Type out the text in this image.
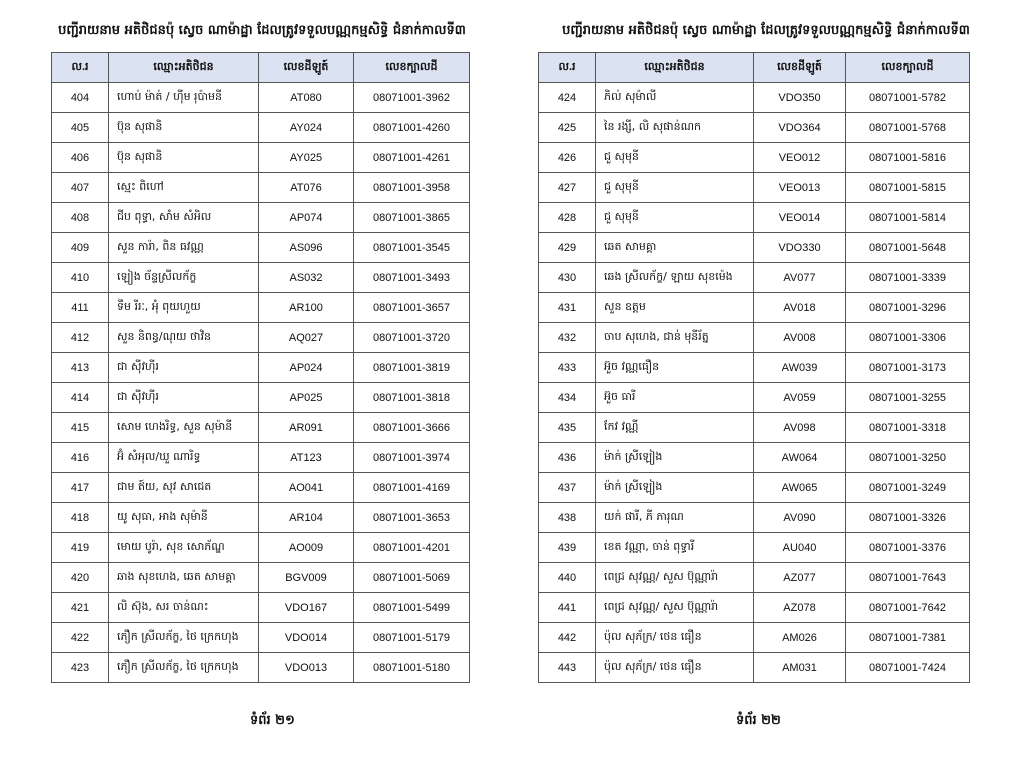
បញ្ជីរាយនាម អតិថិជនប៉ុ ស្វេច ណាម៉ាដ្ឋា ដែលត្រូវទទួលបណ្ណកម្មសិទ្ធិ ជំនាក់កាលទី៣
ល.រ	ឈ្មោះអតិថិជន	លេខដីឡូត៍	លេខក្បាលដី
404	ហោប់ ម៉ាត់ / ហ៊ីម រុប៉ាមនី	AT080	08071001-3962
405	ប៊ុន សុផានិ	AY024	08071001-4260
406	ប៊ុន សុផានិ	AY025	08071001-4261
407	ស្មេះ ពិហៅ	AT076	08071001-3958
408	ជីប ពុទ្ធា, សាំម សំអិល	AP074	08071001-3865
409	សួន ការ៉ា, ពិន ធវណ្ណ	AS096	08071001-3545
410	ឡៀង ច័ន្ទស្រីលក័ក្ខ	AS032	08071001-3493
411	ទឹម រីរៈ, អ៉ំ ពុយហួយ	AR100	08071001-3657
412	សួន និពន្ធ/ណុយ ថាវិន	AQ027	08071001-3720
413	ជា ស៊ីវហ៊ីរ	AP024	08071001-3819
414	ជា ស៊ីវហ៊ីរ	AP025	08071001-3818
415	សោម ហេងរិទ្ធ, សួន សុម៉ានី	AR091	08071001-3666
416	អ៊ំ សំអុល/ឃួ ណារិទ្ធ	AT123	08071001-3974
417	ជាម ឥ៍យ, សុវ សាជេត	AO041	08071001-4169
418	យូ សុធា, អាង សុម៉ានី	AR104	08071001-3653
419	មោយ បូរ៉ា, សុខ សោភ័ណ្ឌ	AO009	08071001-4201
420	ឆាង សុខហេង, ឆេត សាមគ្គា	BGV009	08071001-5069
421	លិ ស៊ុង, សរ ចាន់ណះ	VDO167	08071001-5499
422	ភឿក ស្រីលក័ក្ខ, ថៃ ក្រេកហុង	VDO014	08071001-5179
423	ភឿក ស្រីលក័ក្ខ, ថៃ ក្រេកហុង	VDO013	08071001-5180
ទំព័រ ២១
បញ្ជីរាយនាម អតិថិជនប៉ុ ស្វេច ណាម៉ាដ្ឋា ដែលត្រូវទទួលបណ្ណកម្មសិទ្ធិ ជំនាក់កាលទី៣
ល.រ	ឈ្មោះអតិថិជន	លេខដីឡូត៍	លេខក្បាលដី
424	ភិល់ សុម៉ាលី	VDO350	08071001-5782
425	នៃ រង្សី, លិ សុផាន់ណក	VDO364	08071001-5768
426	ជួ សុមុនី	VEO012	08071001-5816
427	ជួ សុមុនី	VEO013	08071001-5815
428	ជួ សុមុនី	VEO014	08071001-5814
429	ឆេត សាមគ្គា	VDO330	08071001-5648
430	ឆេង ស្រីលក័ក្ខ/ ឡាយ សុខម៉េង	AV077	08071001-3339
431	សួន ឧត្តម	AV018	08071001-3296
432	ចាប សុហេង, ជាន់ មុនីរ័ត្ន	AV008	08071001-3306
433	អ៊ួច វណ្ណធឿន	AW039	08071001-3173
434	អ៊ួច ធារី	AV059	08071001-3255
435	កែវ វណ្ណី	AV098	08071001-3318
436	ម៉ាក់ ស្រីឡៀង	AW064	08071001-3250
437	ម៉ាក់ ស្រីឡៀង	AW065	08071001-3249
438	យក់ ផារី, ភី ភារុណ	AV090	08071001-3326
439	ខេត វណ្ណា, ចាន់ ពុទ្ធារី	AU040	08071001-3376
440	ពេជ្រ សុវណ្ណ/ សួស ប៊ុណ្ណារ៉ា	AZ077	08071001-7643
441	ពេជ្រ សុវណ្ណ/ សួស ប៊ុណ្ណារ៉ា	AZ078	08071001-7642
442	ប៉ុល សុភ័ក្រ/ ថេន ធឿន	AM026	08071001-7381
443	ប៉ុល សុភ័ក្រ/ ថេន ធឿន	AM031	08071001-7424
ទំព័រ ២២
